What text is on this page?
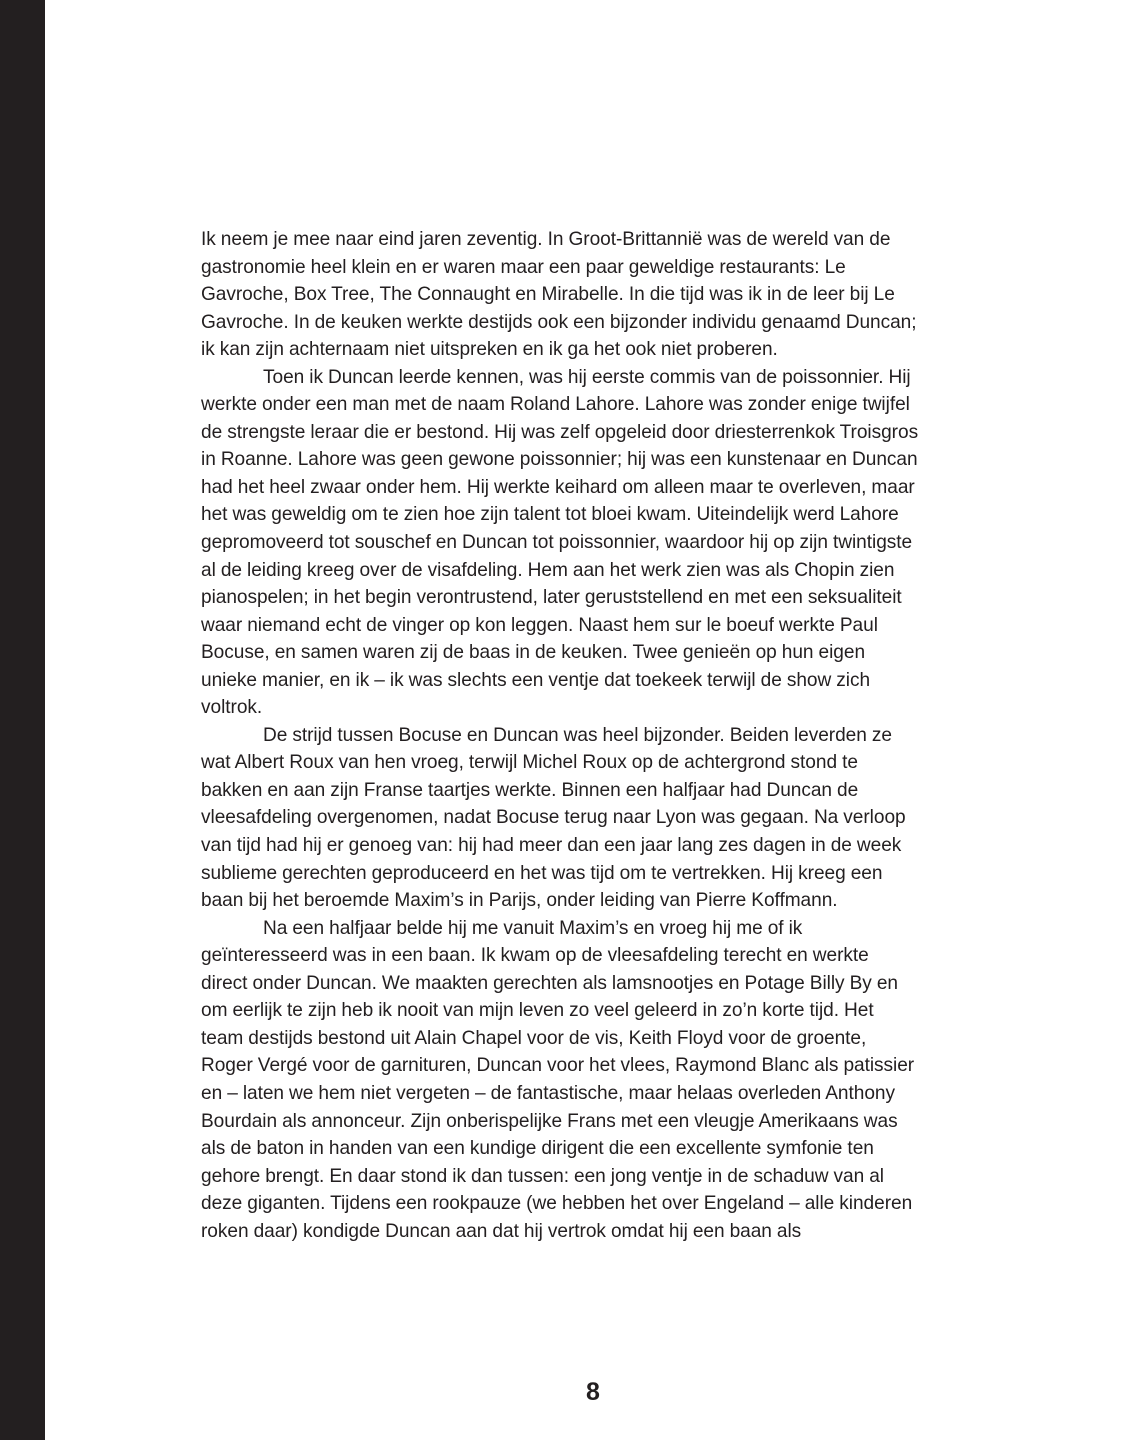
Ik neem je mee naar eind jaren zeventig. In Groot-Brittannië was de wereld van de gastronomie heel klein en er waren maar een paar geweldige restaurants: Le Gavroche, Box Tree, The Connaught en Mirabelle. In die tijd was ik in de leer bij Le Gavroche. In de keuken werkte destijds ook een bijzonder individu genaamd Duncan; ik kan zijn achternaam niet uitspreken en ik ga het ook niet proberen.

Toen ik Duncan leerde kennen, was hij eerste commis van de poissonnier. Hij werkte onder een man met de naam Roland Lahore. Lahore was zonder enige twijfel de strengste leraar die er bestond. Hij was zelf opgeleid door driesterrenkok Troisgros in Roanne. Lahore was geen gewone poissonnier; hij was een kunstenaar en Duncan had het heel zwaar onder hem. Hij werkte keihard om alleen maar te overleven, maar het was geweldig om te zien hoe zijn talent tot bloei kwam. Uiteindelijk werd Lahore gepromoveerd tot souschef en Duncan tot poissonnier, waardoor hij op zijn twintigste al de leiding kreeg over de visafdeling. Hem aan het werk zien was als Chopin zien pianospelen; in het begin verontrustend, later geruststellend en met een seksualiteit waar niemand echt de vinger op kon leggen. Naast hem sur le boeuf werkte Paul Bocuse, en samen waren zij de baas in de keuken. Twee genieën op hun eigen unieke manier, en ik – ik was slechts een ventje dat toekeek terwijl de show zich voltrok.

De strijd tussen Bocuse en Duncan was heel bijzonder. Beiden leverden ze wat Albert Roux van hen vroeg, terwijl Michel Roux op de achtergrond stond te bakken en aan zijn Franse taartjes werkte. Binnen een halfjaar had Duncan de vleesafdeling overgenomen, nadat Bocuse terug naar Lyon was gegaan. Na verloop van tijd had hij er genoeg van: hij had meer dan een jaar lang zes dagen in de week sublieme gerechten geproduceerd en het was tijd om te vertrekken. Hij kreeg een baan bij het beroemde Maxim’s in Parijs, onder leiding van Pierre Koffmann.

Na een halfjaar belde hij me vanuit Maxim’s en vroeg hij me of ik geïnteresseerd was in een baan. Ik kwam op de vleesafdeling terecht en werkte direct onder Duncan. We maakten gerechten als lamsnootjes en Potage Billy By en om eerlijk te zijn heb ik nooit van mijn leven zo veel geleerd in zo’n korte tijd. Het team destijds bestond uit Alain Chapel voor de vis, Keith Floyd voor de groente, Roger Vergé voor de garnituren, Duncan voor het vlees, Raymond Blanc als patissier en – laten we hem niet vergeten – de fantastische, maar helaas overleden Anthony Bourdain als annonceur. Zijn onberispelijke Frans met een vleugje Amerikaans was als de baton in handen van een kundige dirigent die een excellente symfonie ten gehore brengt. En daar stond ik dan tussen: een jong ventje in de schaduw van al deze giganten. Tijdens een rookpauze (we hebben het over Engeland – alle kinderen roken daar) kondigde Duncan aan dat hij vertrok omdat hij een baan als

8
